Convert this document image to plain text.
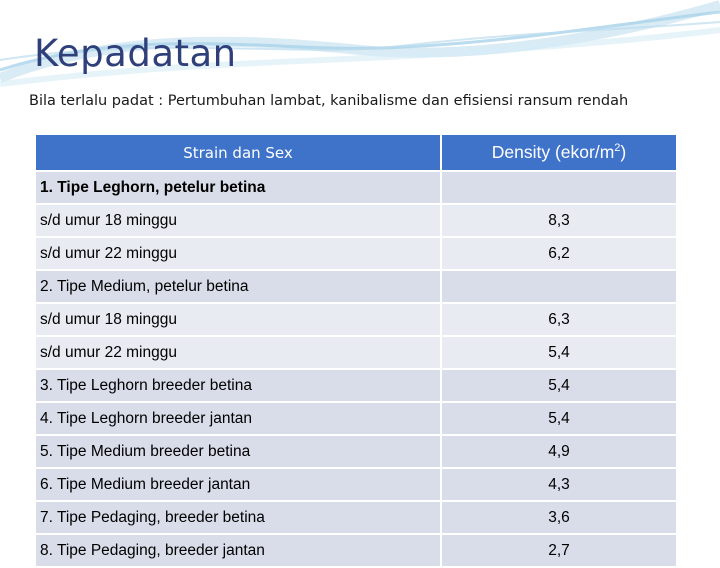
Kepadatan
Bila terlalu padat : Pertumbuhan lambat, kanibalisme dan efisiensi ransum rendah
Strain dan Sex	Density $(ekor/m^2)$
1. Tipe Leghorn, petelur betina	
s/d umur 18 minggu	8,3
s/d umur 22 minggu	6,2
2. Tipe Medium, petelur betina	
s/d umur 18 minggu	6,3
s/d umur 22 minggu	5,4
3. Tipe Leghorn breeder betina	5,4
4. Tipe Leghorn breeder jantan	5,4
5. Tipe Medium breeder betina	4,9
6. Tipe Medium breeder jantan	4,3
7. Tipe Pedaging, breeder betina	3,6
8. Tipe Pedaging, breeder jantan	2,7
